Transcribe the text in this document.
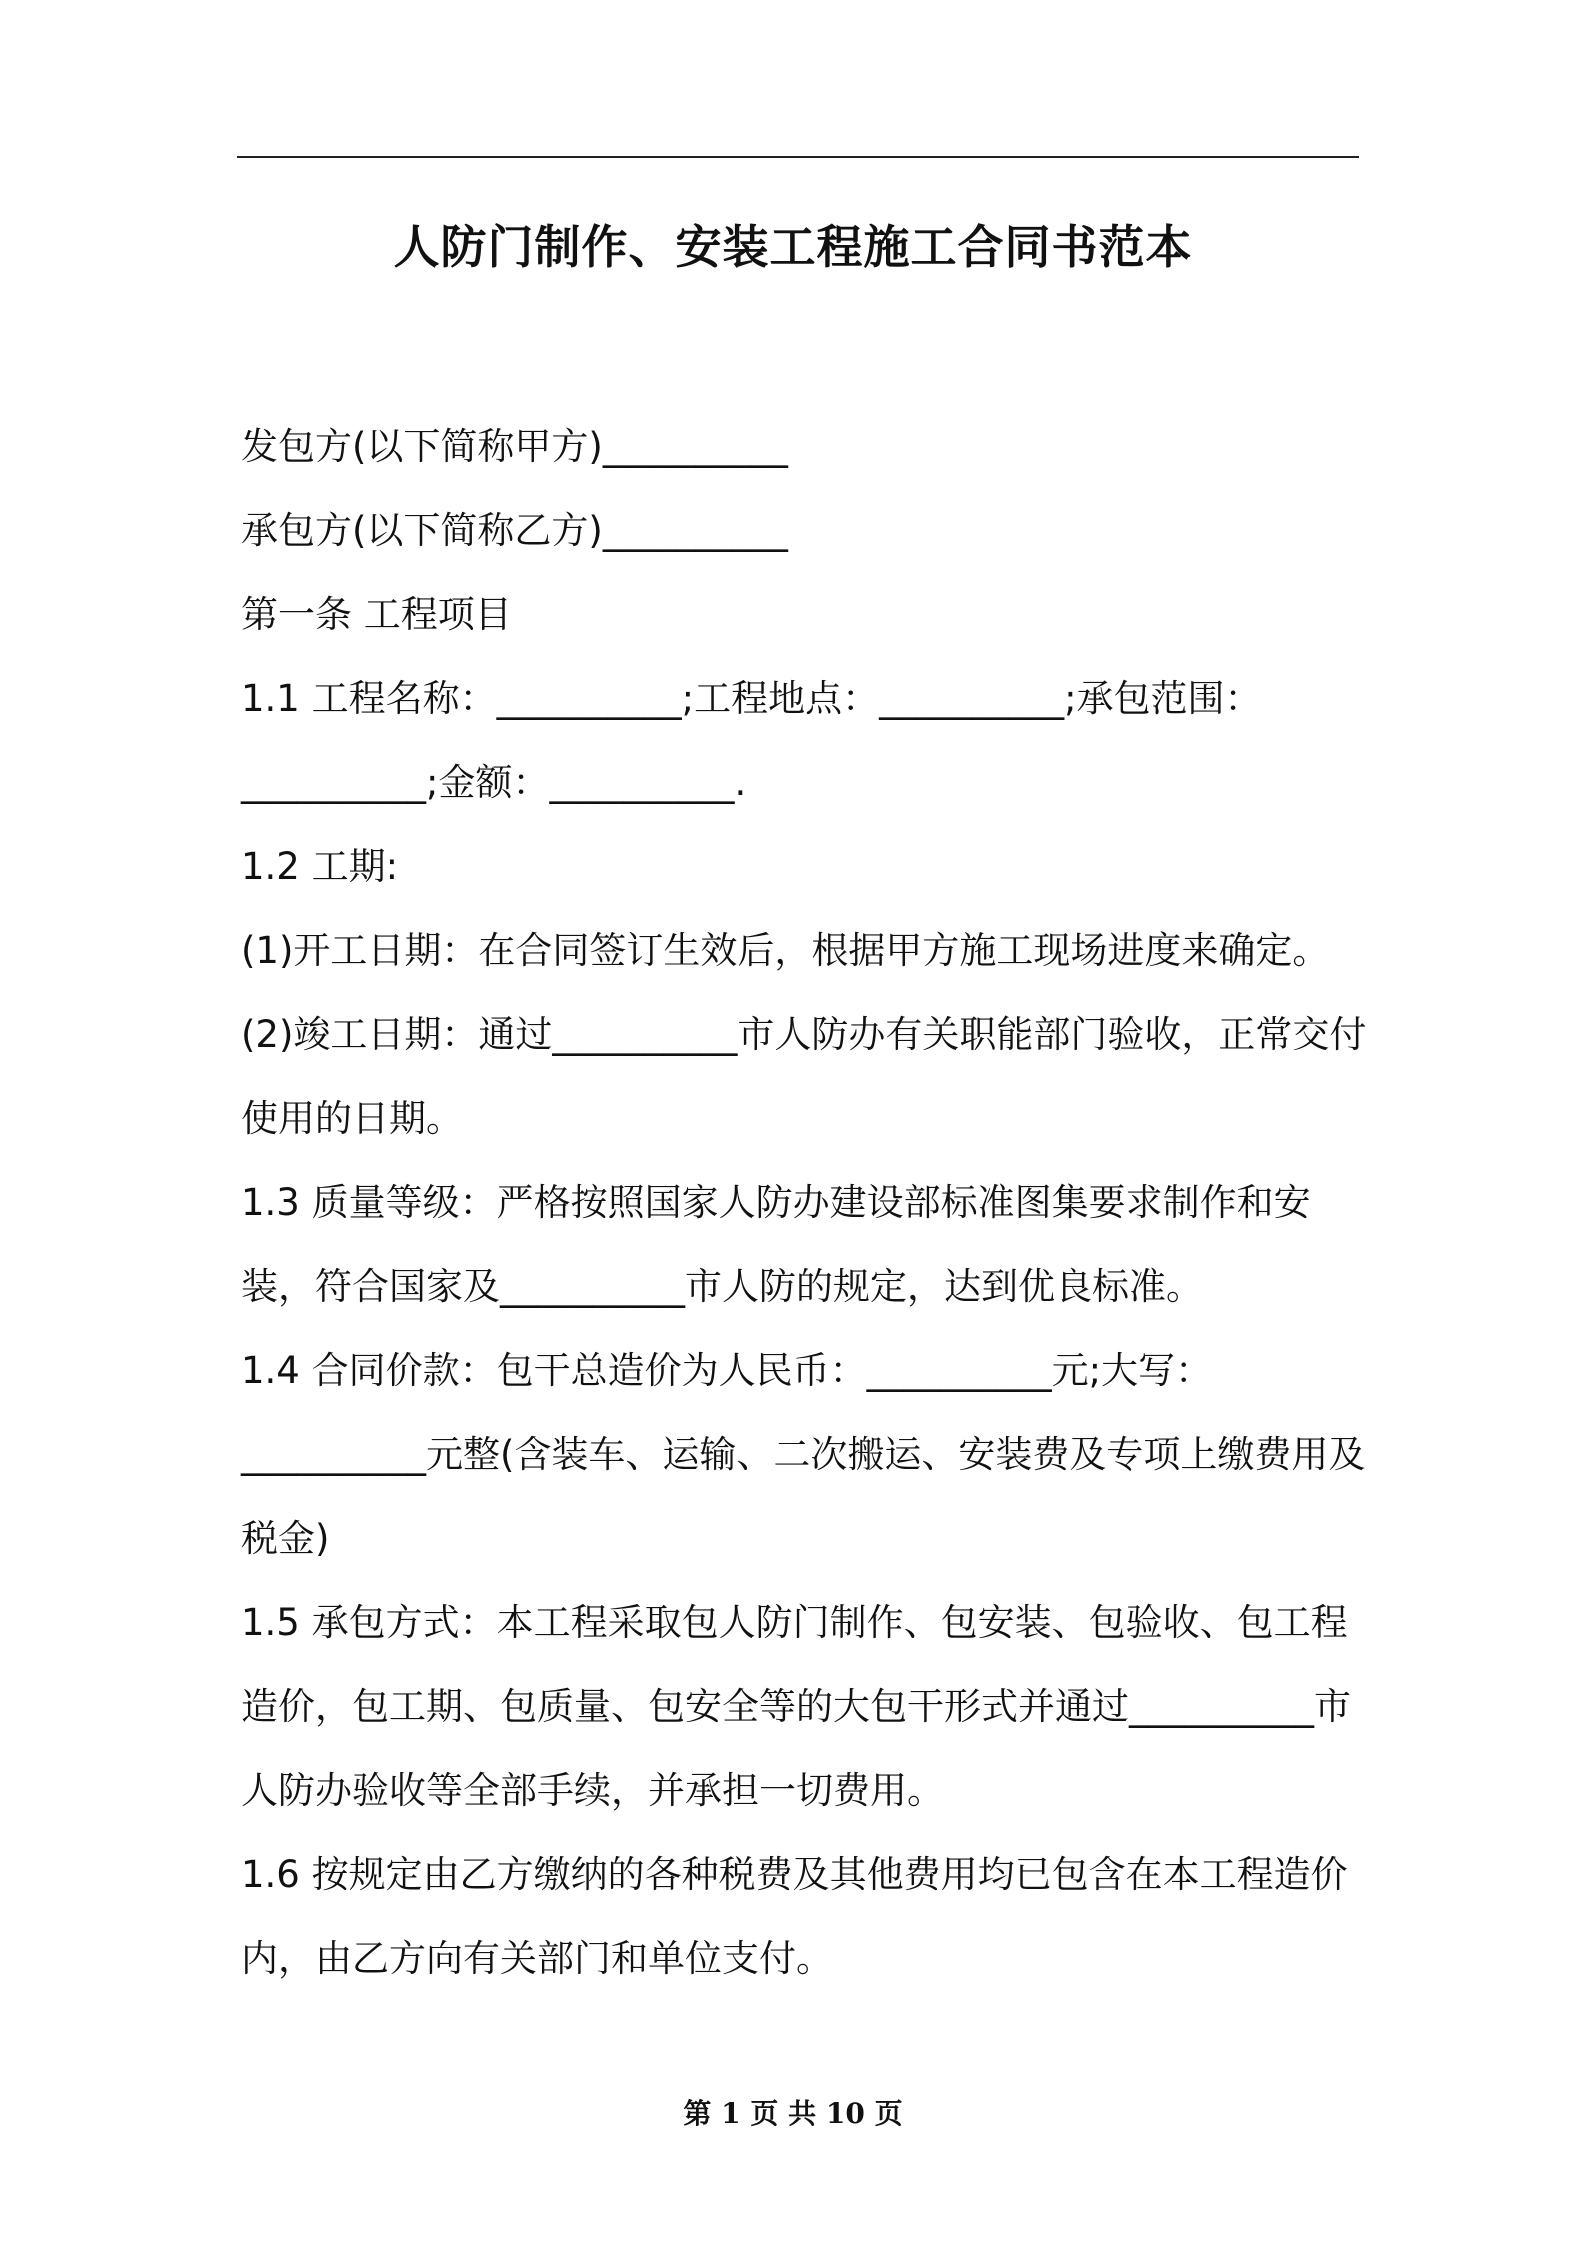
人防门制作、安装工程施工合同书范本

发包方(以下简称甲方)__________

承包方(以下简称乙方)__________

第一条 工程项目

1.1 工程名称：__________;工程地点：__________;承包范围：__________;金额：__________.

1.2 工期:

(1)开工日期：在合同签订生效后，根据甲方施工现场进度来确定。

(2)竣工日期：通过__________市人防办有关职能部门验收，正常交付使用的日期。

1.3 质量等级：严格按照国家人防办建设部标准图集要求制作和安装，符合国家及__________市人防的规定，达到优良标准。

1.4 合同价款：包干总造价为人民币：__________元;大写：__________元整(含装车、运输、二次搬运、安装费及专项上缴费用及税金)

1.5 承包方式：本工程采取包人防门制作、包安装、包验收、包工程造价，包工期、包质量、包安全等的大包干形式并通过__________市人防办验收等全部手续，并承担一切费用。

1.6 按规定由乙方缴纳的各种税费及其他费用均已包含在本工程造价内，由乙方向有关部门和单位支付。

第 1 页 共 10 页
